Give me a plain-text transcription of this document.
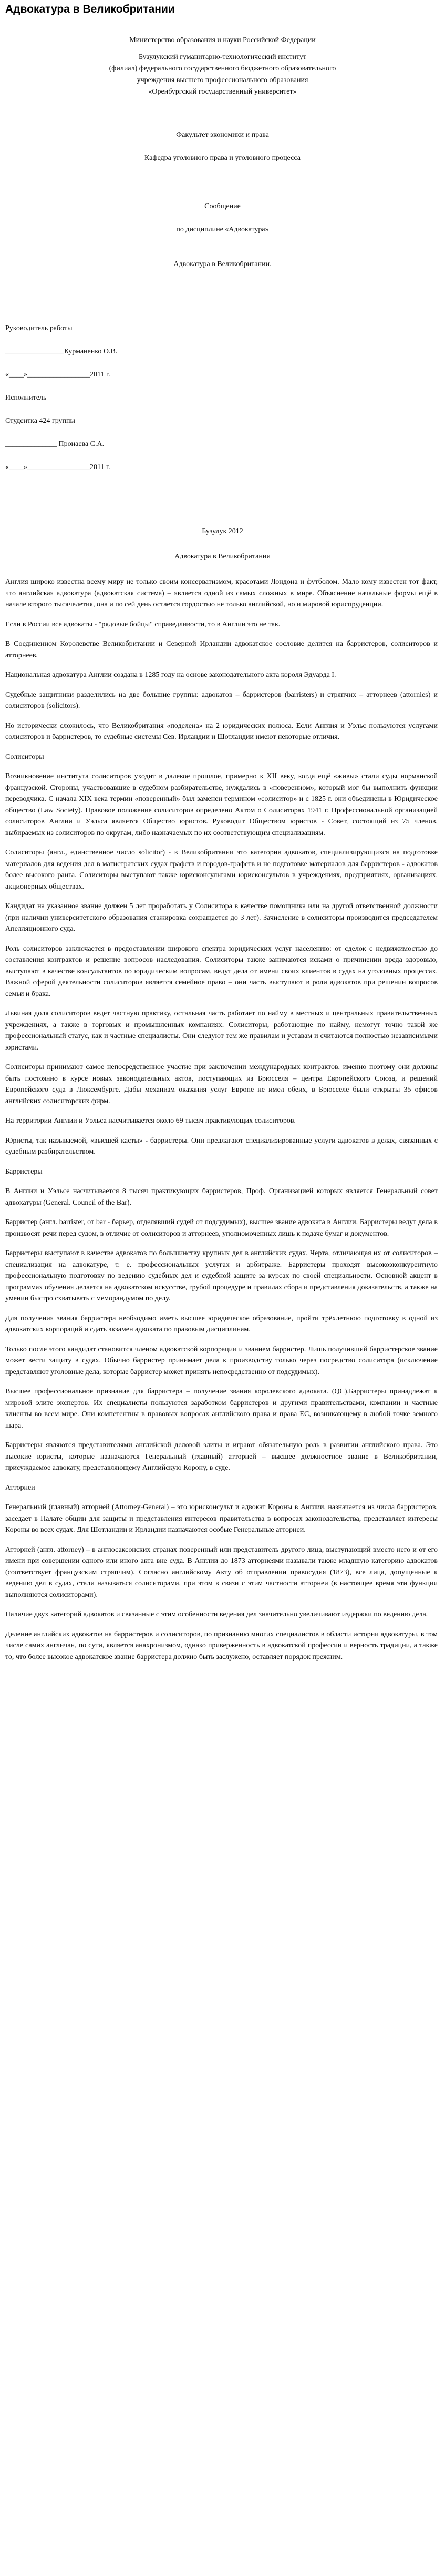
Адвокатура в Великобритании
Министерство образования и науки Российской Федерации
Бузулукский гуманитарно-технологический институт
(филиал) федерального государственного бюджетного образовательного
учреждения высшего профессионального образования
«Оренбургский государственный университет»
Факультет экономики и права
Кафедра уголовного права и уголовного процесса
Сообщение
по дисциплине «Адвокатура»
Адвокатура в Великобритании.
Руководитель работы
________________Курманенко О.В.
«____»_________________2011 г.
Исполнитель
Студентка 424 группы
______________ Пронаева С.А.
«____»_________________2011 г.
Бузулук 2012
Адвокатура в Великобритании

Англия широко известна всему миру не только своим консерватизмом, красотами Лондона и футболом. Мало кому известен тот факт, что английская адвокатура (адвокатская система) – является одной из самых сложных в мире. Объяснение начальные формы ещё в начале второго тысячелетия, она и по сей день остается гордостью не только английской, но и мировой юриспруденции.

Если в России все адвокаты - "рядовые бойцы" справедливости, то в Англии это не так.

В Соединенном Королевстве Великобритании и Северной Ирландии адвокатское сословие делится на барристеров, солиситоров и атторнеев.

Национальная адвокатура Англии создана в 1285 году на основе законодательного акта короля Эдуарда I.

Судебные защитники разделились на две большие группы: адвокатов – барристеров (barristers) и стряпчих – атторнеев (attornies) и солиситоров (solicitors).

Но исторически сложилось, что Великобритания «поделена» на 2 юридических полюса. Если Англия и Уэльс пользуются услугами солиситоров и барристеров, то судебные системы Сев. Ирландии и Шотландии имеют некоторые отличия.

Солиситоры

Возникновение института солиситоров уходит в далекое прошлое, примерно к XII веку, когда ещё «живы» стали суды норманской французской. Стороны, участвовавшие в судебном разбирательстве, нуждались в «поверенном», который мог бы выполнить функции переводчика. С начала XIX века термин «поверенный» был заменен термином «солиситор» и с 1825 г. они объединены в Юридическое общество (Law Society). Правовое положение солиситоров определено Актом о Солиситорах 1941 г. Профессиональной организацией солиситоров Англии и Уэльса является Общество юристов. Руководит Обществом юристов - Совет, состоящий из 75 членов, выбираемых из солиситоров по округам, либо назначаемых по их соответствующим специализациям.

Солиситоры (англ., единственное число solicitor) - в Великобритании это категория адвокатов, специализирующихся на подготовке материалов для ведения дел в магистратских судах графств и городов-графств и не подготовке материалов для барристеров - адвокатов более высокого ранга. Солиситоры выступают также юрисконсультами юрисконсультов в учреждениях, предприятиях, организациях, акционерных обществах.

Кандидат на указанное звание должен 5 лет проработать у Солиситора в качестве помощника или на другой ответственной должности (при наличии университетского образования стажировка сокращается до 3 лет). Зачисление в солиситоры производится председателем Апелляционного суда.

Роль солиситоров заключается в предоставлении широкого спектра юридических услуг населению: от сделок с недвижимостью до составления контрактов и решение вопросов наследования. Солиситоры также занимаются исками о причинении вреда здоровью, выступают в качестве консультантов по юридическим вопросам, ведут дела от имени своих клиентов в судах на уголовных процессах. Важной сферой деятельности солиситоров является семейное право – они часть выступают в роли адвокатов при решении вопросов семьи и брака.

Львиная доля солиситоров ведет частную практику, остальная часть работает по найму в местных и центральных правительственных учреждениях, а также в торговых и промышленных компаниях. Солиситоры, работающие по найму, немогут точно такой же профессиональный статус, как и частные специалисты. Они следуют тем же правилам и уставам и считаются полностью независимыми юристами.

Солиситоры принимают самое непосредственное участие при заключении международных контрактов, именно поэтому они должны быть постоянно в курсе новых законодательных актов, поступающих из Брюсселя – центра Европейского Союза, и решений Европейского суда в Люксембурге. Дабы механизм оказания услуг Европе не имел обеих, в Брюсселе были открыты 35 офисов английских солиситорских фирм.

На территории Англии и Уэльса насчитывается около 69 тысяч практикующих солиситоров.

Юристы, так называемой, «высшей касты» - барристеры. Они предлагают специализированные услуги адвокатов в делах, связанных с судебным разбирательством.

Барристеры

В Англии и Уэльсе насчитывается 8 тысяч практикующих барристеров, Проф. Организацией которых является Генеральный совет адвокатуры (General. Council of the Bar).

Барристер (англ. barrister, от bar - барьер, отделявший судей от подсудимых), высшее звание адвоката в Англии. Барристеры ведут дела в произвосят речи перед судом, в отличие от солиситоров и атторнеев, уполномоченных лишь к подаче бумаг и документов.

Барристеры выступают в качестве адвокатов по большинству крупных дел в английских судах. Черта, отличающая их от солиситоров – специализация на адвокатуре, т. е. профессиональных услугах и арбитраже. Барристеры проходят высокоэконкурентную профессиональную подготовку по ведению судебных дел и судебной защите за курсах по своей специальности. Основной акцент в программах обучения делается на адвокатском искусстве, грубой процедуре и правилах сбора и представления доказательств, а также на умении быстро схватывать с меморандумом по делу.

Для получения звания барристера необходимо иметь высшее юридическое образование, пройти трёхлетнюю подготовку в одной из адвокатских корпораций и сдать экзамен адвоката по правовым дисциплинам.

Только после этого кандидат становится членом адвокатской корпорации и званием барристер. Лишь получивший барристерское звание может вести защиту в судах. Обычно барристер принимает дела к производству только через посредство солиситора (исключение представляют уголовные дела, которые барристер может принять непосредственно от подсудимых).

Высшее профессиональное признание для барристера – получение звания королевского адвоката. (QC).Барристеры принадлежат к мировой элите экспертов. Их специалисты пользуются заработком барристеров и другими правительствами, компании и частные клиенты во всем мире. Они компетентны в правовых вопросах английского права и права ЕС, возникающему в любой точке земного шара.

Барристеры являются представителями английской деловой элиты и играют обязательную роль в развитии английского права. Это высокие юристы, которые назначаются Генеральный (главный) атторней – высшее должностное звание в Великобритании, присуждаемое адвокату, представляющему Английскую Корону, в суде.

Атторнеи

Генеральный (главный) атторней (Attorney-General) – это юрисконсульт и адвокат Короны в Англии, назначается из числа барристеров, заседает в Палате общин для защиты и представления интересов правительства в вопросах законодательства, представляет интересы Короны во всех судах. Для Шотландии и Ирландии назначаются особые Генеральные атторнеи.

Атторней (англ. attorney) – в англосаксонских странах поверенный или представитель другого лица, выступающий вместо него и от его имени при совершении одного или иного акта вне суда. В Англии до 1873 атторнеями называли также младшую категорию адвокатов (соответствует французским стряпчим). Согласно английскому Акту об отправлении правосудия (1873), все лица, допущенные к ведению дел в судах, стали называться солиситорами, при этом в связи с этим частности атторнеи (в настоящее время эти функции выполняются солиситорами).

Наличие двух категорий адвокатов и связанные с этим особенности ведения дел значительно увеличивают издержки по ведению дела.

Деление английских адвокатов на барристеров и солиситоров, по признанию многих специалистов в области истории адвокатуры, в том числе самих англичан, по сути, является анахронизмом, однако приверженность в адвокатской профессии и верность традиции, а также то, что более высокое адвокатское звание барристера должно быть заслужено, оставляет порядок прежним.
